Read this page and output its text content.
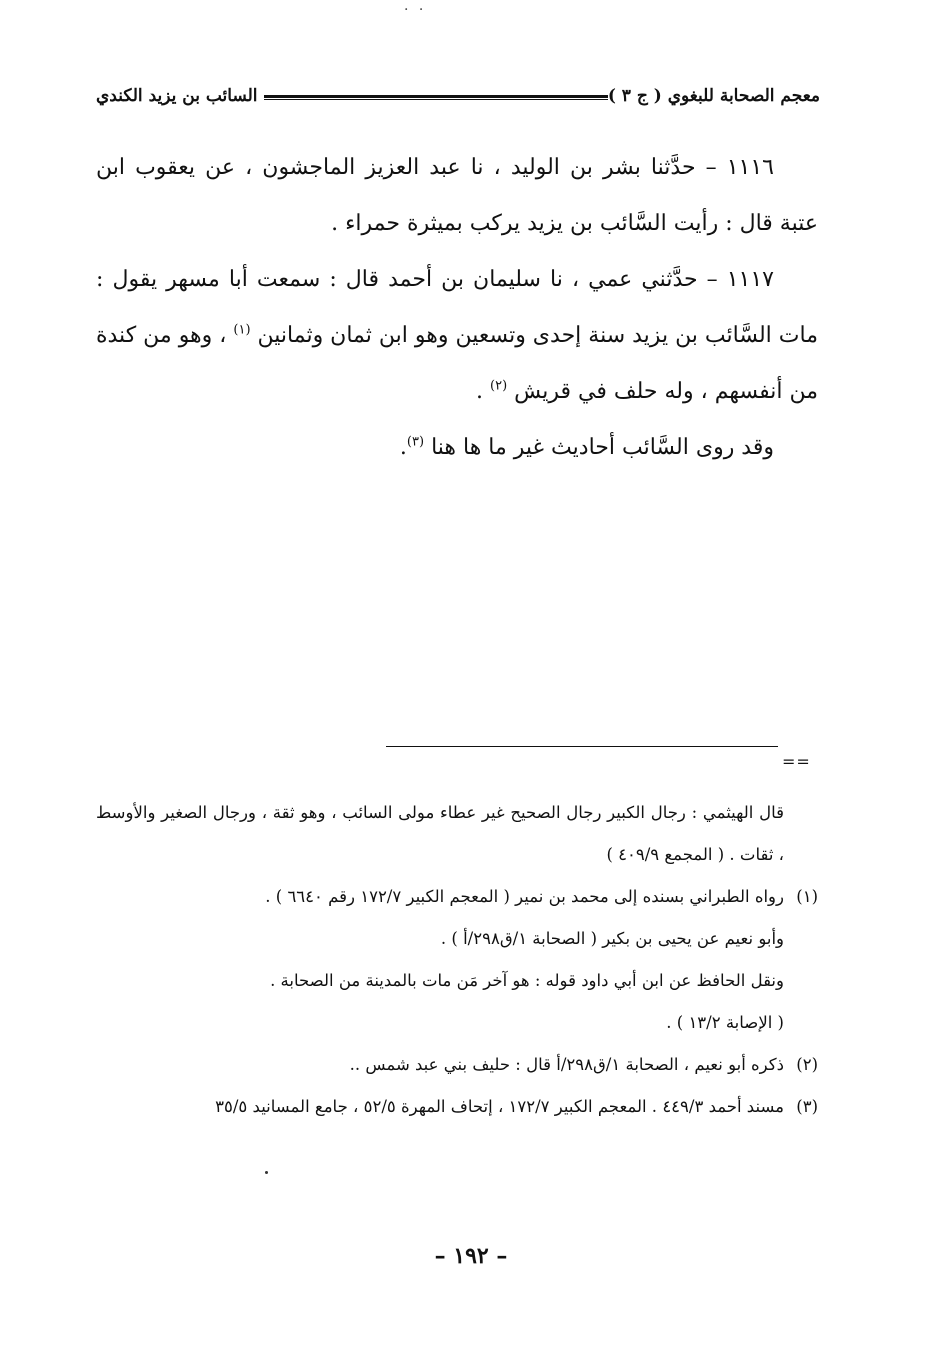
· ·
معجم الصحابة للبغوي ( ج ٣ )
السائب بن يزيد الكندي

١١١٦ – حدَّثنا بشر بن الوليد ، نا عبد العزيز الماجشون ، عن يعقوب ابن عتبة قال : رأيت السَّائب بن يزيد يركب بميثرة حمراء .

١١١٧ – حدَّثني عمي ، نا سليمان بن أحمد قال : سمعت أبا مسهر يقول : مات السَّائب بن يزيد سنة إحدى وتسعين وهو ابن ثمان وثمانين $^{(١)}$ ، وهو من كندة من أنفسهم ، وله حلف في قريش $^{(٢)}$ .

وقد روى السَّائب أحاديث غير ما ها هنا $^{(٣)}$.

==

قال الهيثمي : رجال الكبير رجال الصحيح غير عطاء مولى السائب ، وهو ثقة ، ورجال الصغير والأوسط ، ثقات . ( المجمع ٤٠٩/٩ )

(١)

رواه الطبراني بسنده إلى محمد بن نمير ( المعجم الكبير ١٧٢/٧ رقم ٦٦٤٠ ) .

وأبو نعيم عن يحيى بن بكير ( الصحابة ١/ق٢٩٨/أ ) .

ونقل الحافظ عن ابن أبي داود قوله : هو آخر مَن مات بالمدينة من الصحابة .

( الإصابة ١٣/٢ ) .

(٢)

ذكره أبو نعيم ، الصحابة ١/ق٢٩٨/أ قال : حليف بني عبد شمس ..

(٣)

مسند أحمد ٤٤٩/٣ . المعجم الكبير ١٧٢/٧ ، إتحاف المهرة ٥٢/٥ ، جامع المسانيد ٣٥/٥

– ١٩٢ –
